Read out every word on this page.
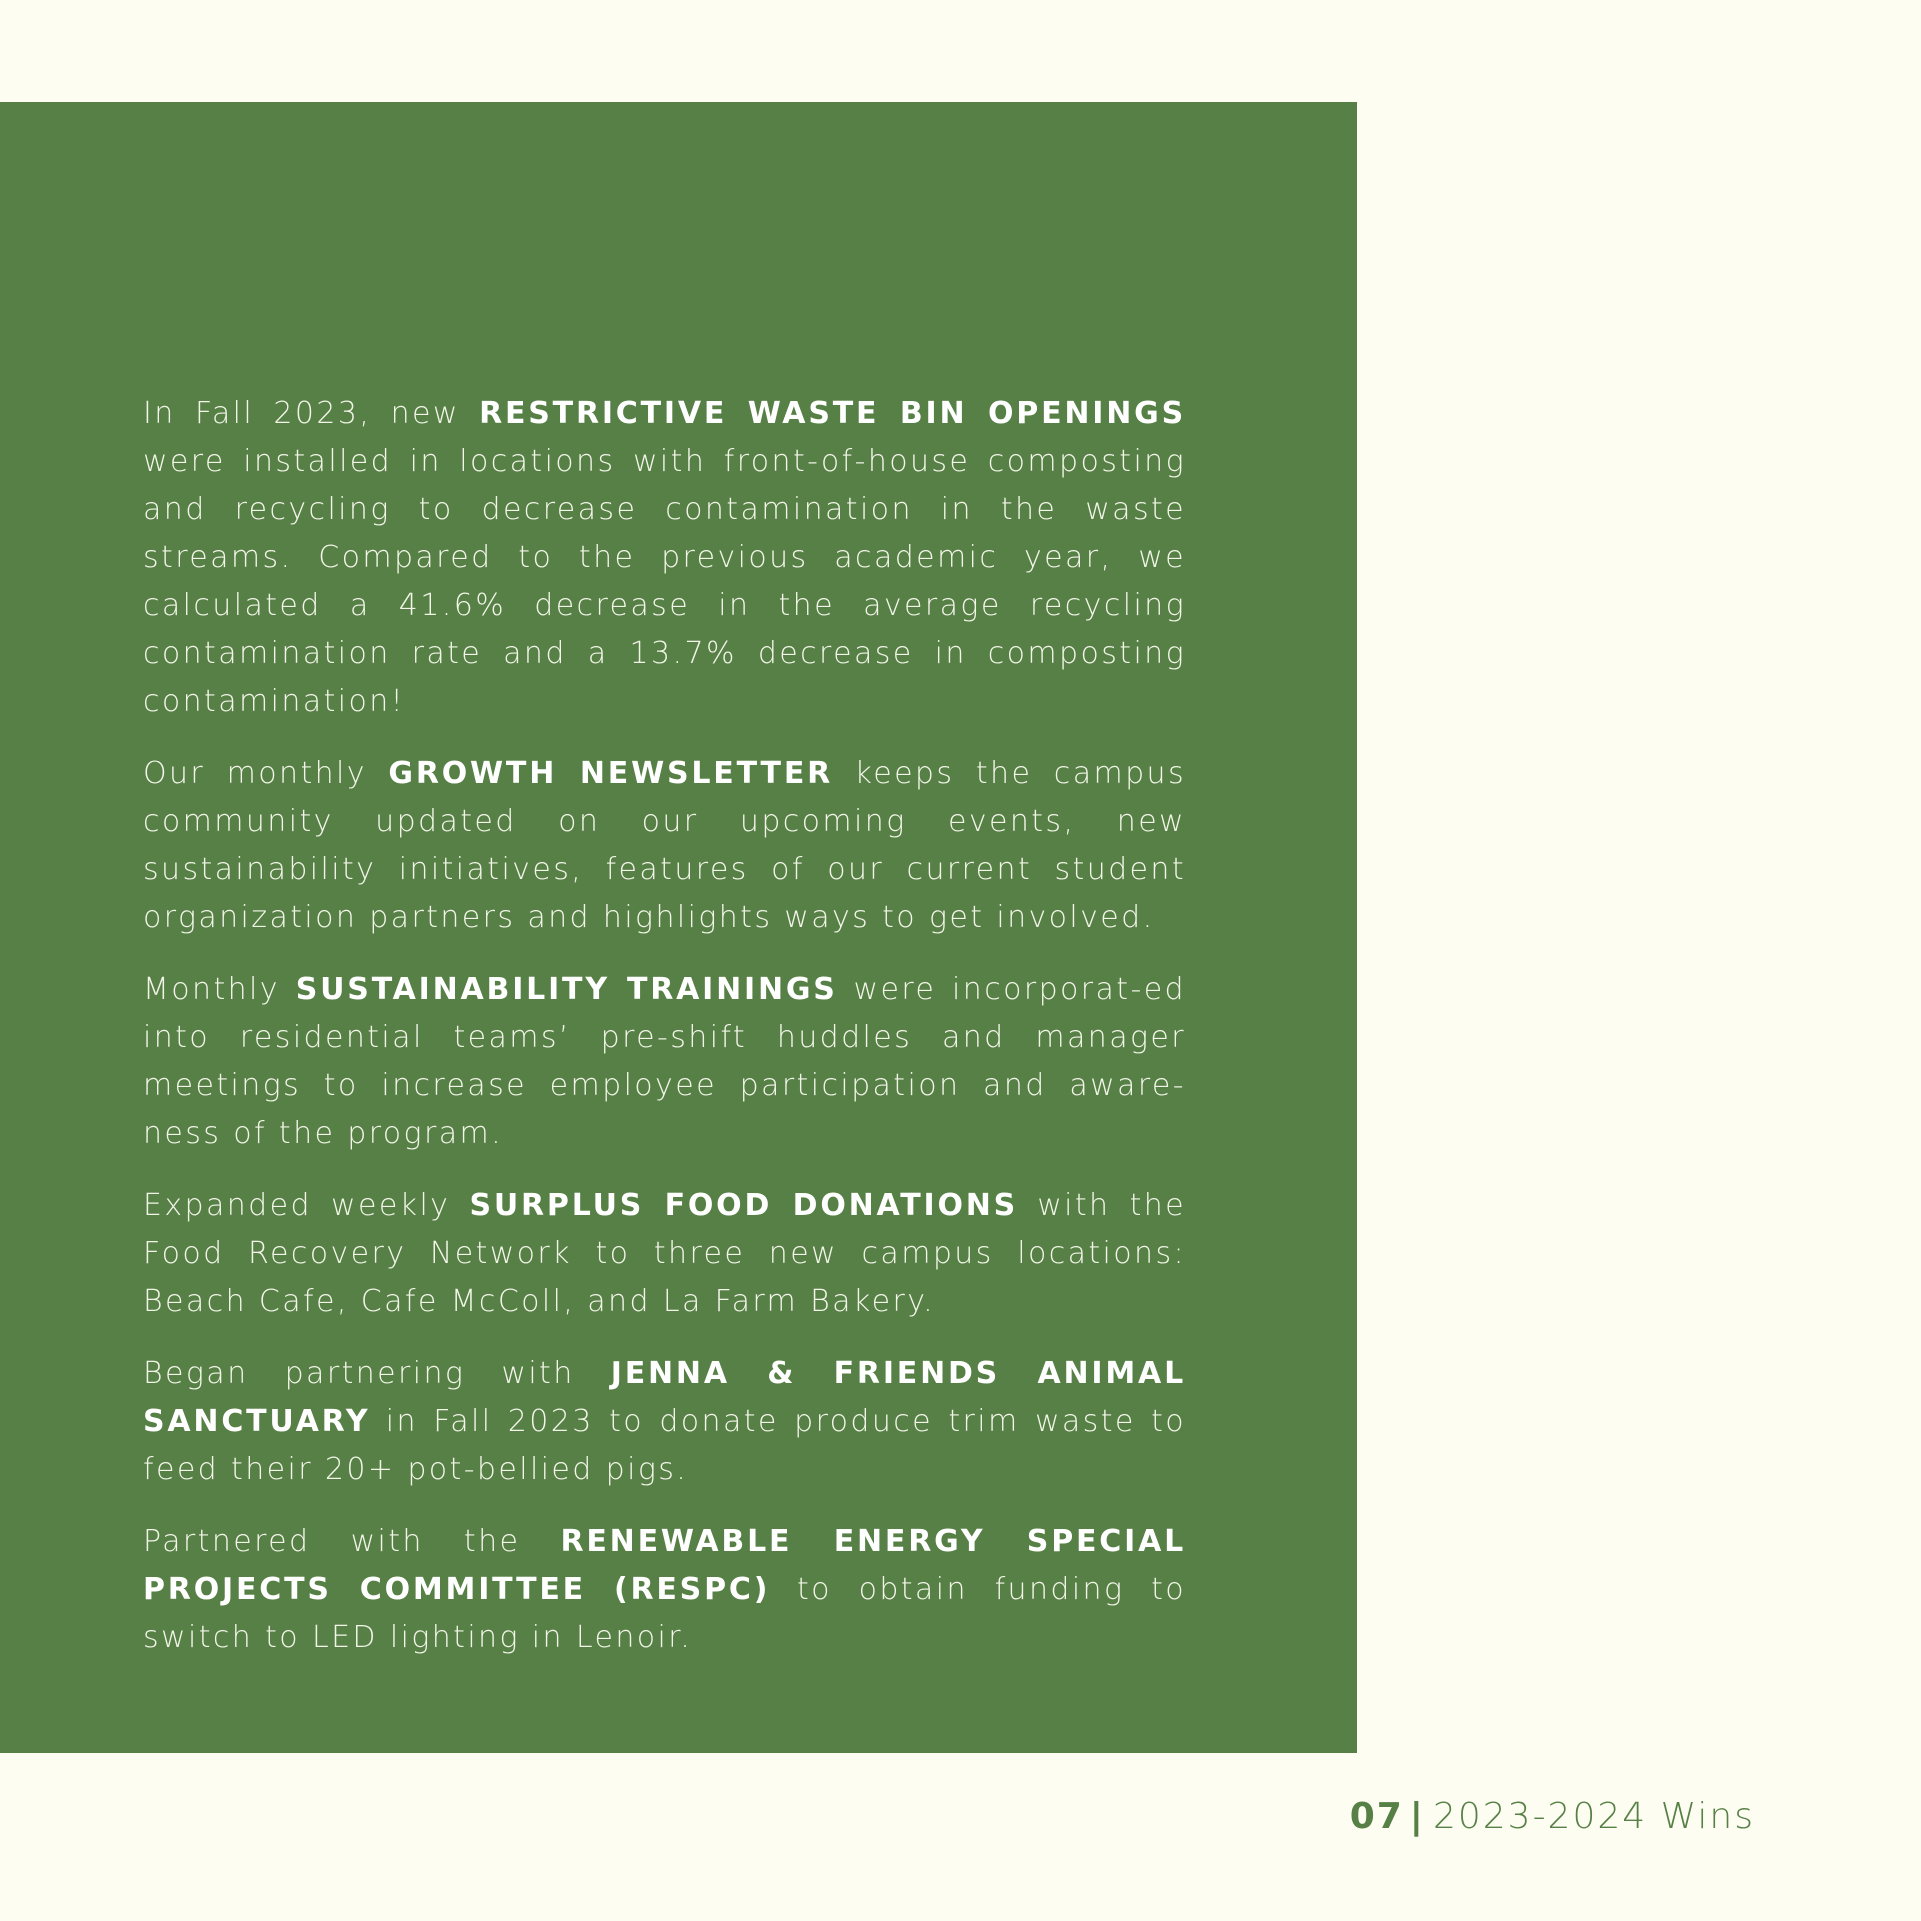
In Fall 2023, new RESTRICTIVE WASTE BIN OPENINGS were installed in locations with front-of-house composting and recycling to decrease contamination in the waste streams. Compared to the previous academic year, we calculated a 41.6% decrease in the average recycling contamination rate and a 13.7% decrease in composting contamination!

Our monthly GROWTH NEWSLETTER keeps the campus community updated on our upcoming events, new sustainability initiatives, features of our current student organization partners and highlights ways to get involved.

Monthly SUSTAINABILITY TRAININGS were incorporat-ed into residential teams’ pre-shift huddles and manager meetings to increase employee participation and aware-ness of the program.

Expanded weekly SURPLUS FOOD DONATIONS with the Food Recovery Network to three new campus locations: Beach Cafe, Cafe McColl, and La Farm Bakery.

Began partnering with JENNA & FRIENDS ANIMAL SANCTUARY in Fall 2023 to donate produce trim waste to feed their 20+ pot-bellied pigs.

Partnered with the RENEWABLE ENERGY SPECIAL PROJECTS COMMITTEE (RESPC) to obtain funding to switch to LED lighting in Lenoir.

07 | 2023-2024 Wins
